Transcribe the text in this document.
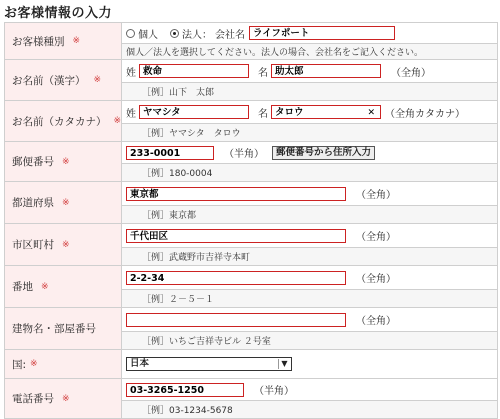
お客様情報の入力
お客様種別 ※
個人 法人： 会社名 ライフポート
個人／法人を選択してください。法人の場合、会社名をご記入ください。
お名前（漢字） ※
姓 救命	名 助太郎	（全角）
［例］山下　太郎
お名前（カタカナ） ※
姓 ヤマシタ	名 タロウ	✕ （全角カタカナ）
［例］ヤマシタ　タロウ
郵便番号 ※
233-0001	（半角）	郵便番号から住所入力
［例］180-0004
都道府県 ※
東京都	（全角）
［例］東京都
市区町村 ※
千代田区	（全角）
［例］武蔵野市吉祥寺本町
番地 ※
2-2-34	（全角）
［例］２－５－１
建物名・部屋番号
（全角）
［例］いちご吉祥寺ビル ２号室
国: ※	日本	▼
電話番号 ※
03-3265-1250	（半角）
［例］03-1234-5678
